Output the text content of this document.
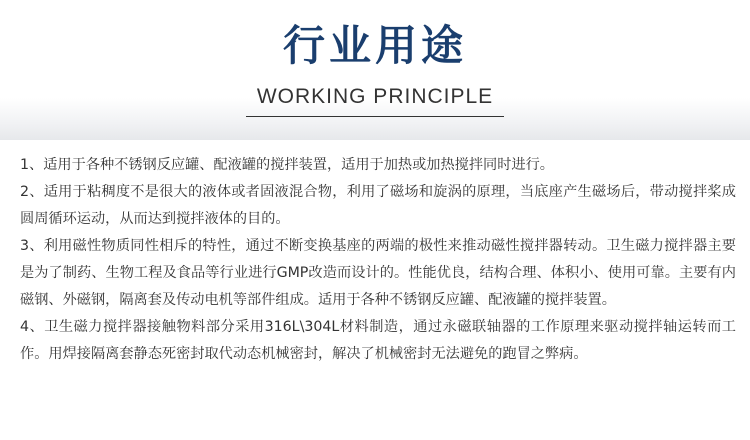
行业用途
WORKING PRINCIPLE

1、适用于各种不锈钢反应罐、配液罐的搅拌装置，适用于加热或加热搅拌同时进行。

2、适用于粘稠度不是很大的液体或者固液混合物，利用了磁场和旋涡的原理，当底座产生磁场后，带动搅拌桨成圆周循环运动，从而达到搅拌液体的目的。

3、利用磁性物质同性相斥的特性，通过不断变换基座的两端的极性来推动磁性搅拌器转动。卫生磁力搅拌器主要是为了制药、生物工程及食品等行业进行GMP改造而设计的。性能优良，结构合理、体积小、使用可靠。主要有内磁钢、外磁钢，隔离套及传动电机等部件组成。适用于各种不锈钢反应罐、配液罐的搅拌装置。

4、卫生磁力搅拌器接触物料部分采用316L\304L材料制造，通过永磁联轴器的工作原理来驱动搅拌轴运转而工作。用焊接隔离套静态死密封取代动态机械密封，解决了机械密封无法避免的跑冒之弊病。
